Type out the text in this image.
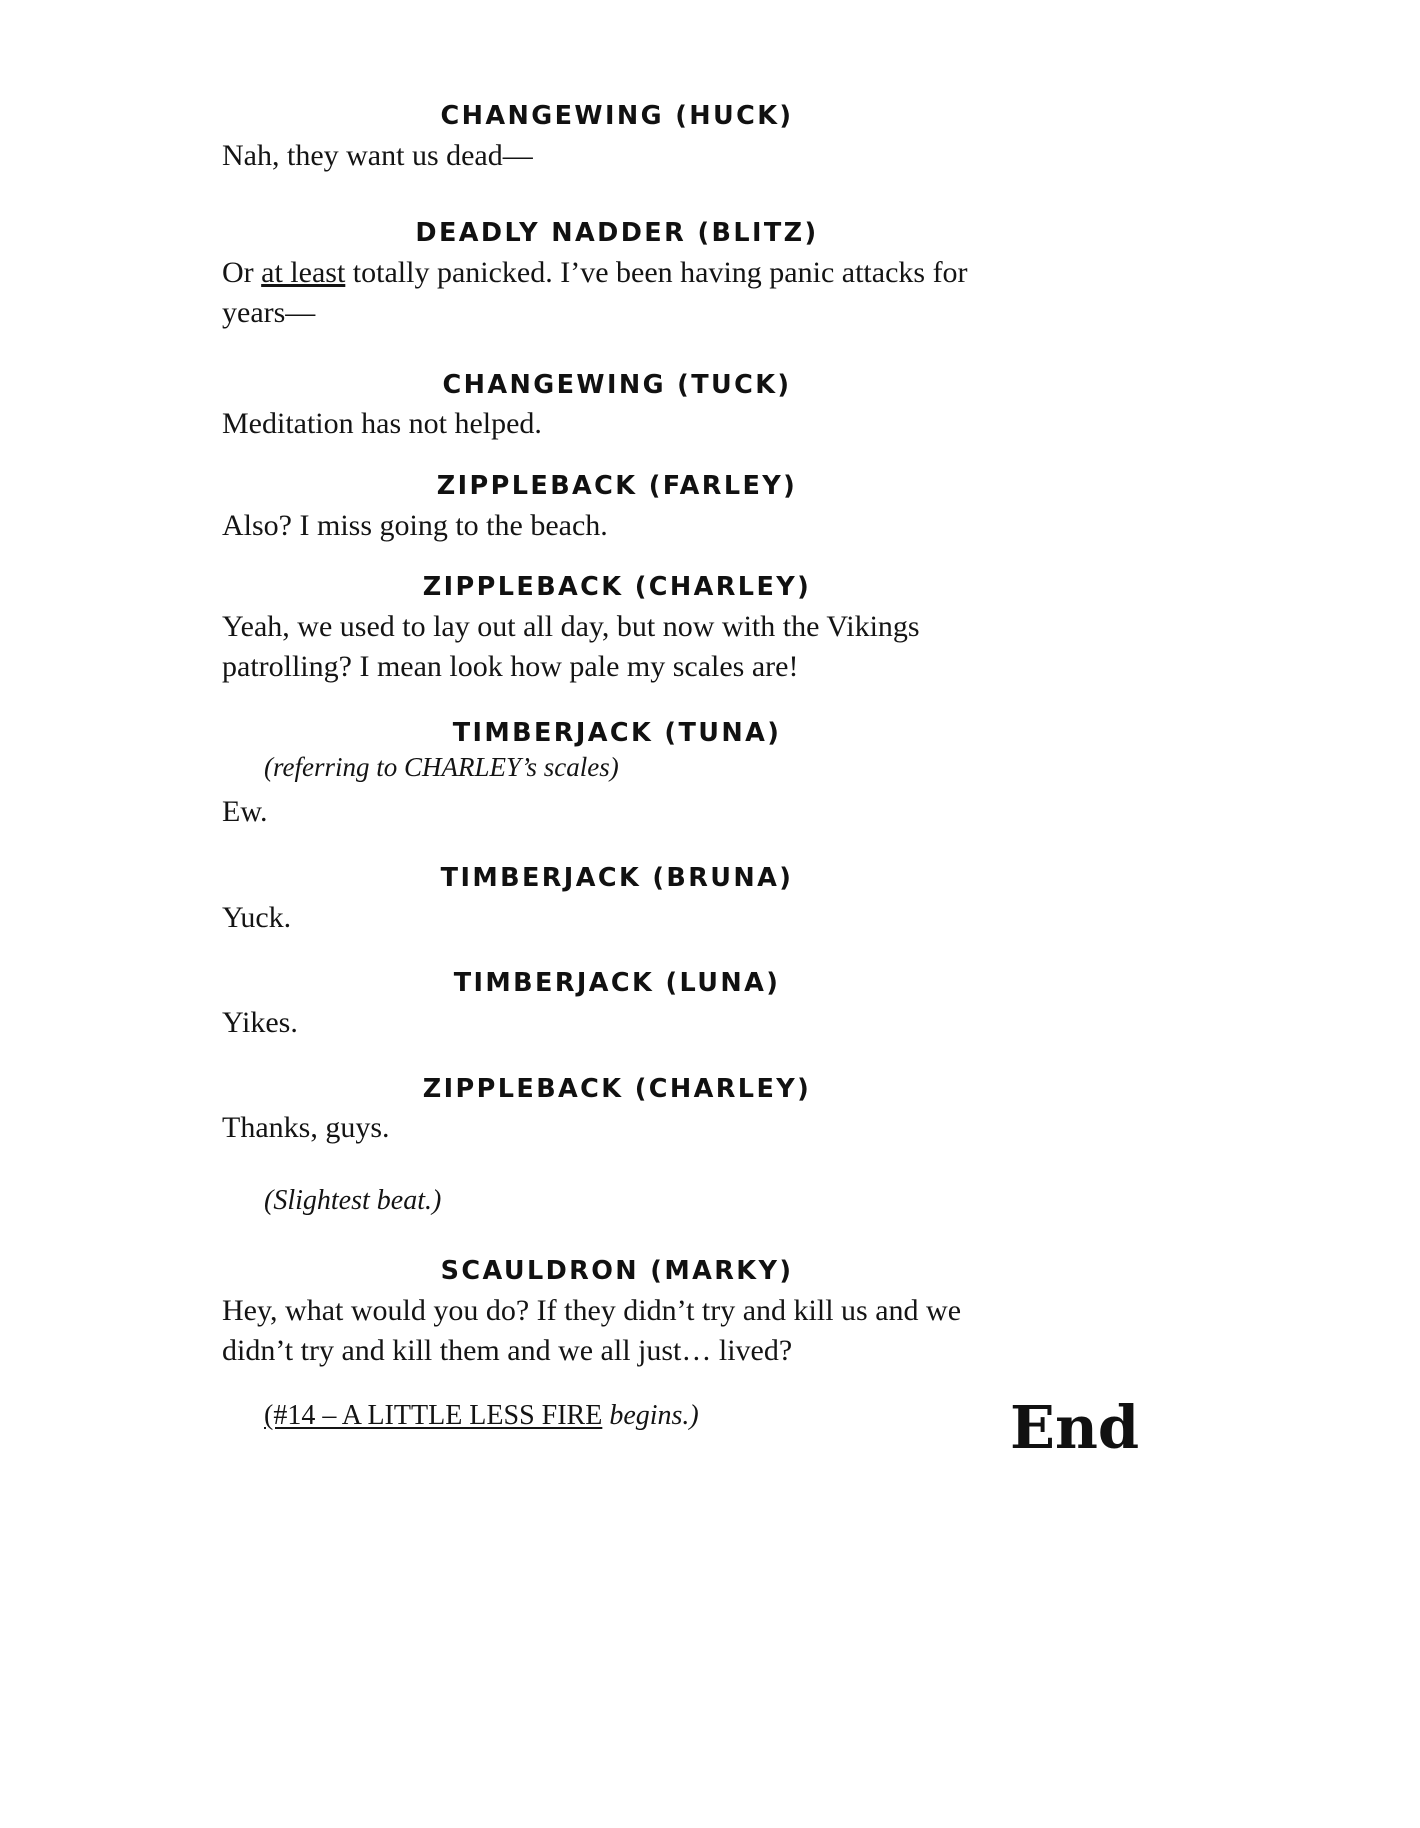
CHANGEWING (HUCK)
Nah, they want us dead—
DEADLY NADDER (BLITZ)
Or at least totally panicked. I’ve been having panic attacks for years—
CHANGEWING (TUCK)
Meditation has not helped.
ZIPPLEBACK (FARLEY)
Also? I miss going to the beach.
ZIPPLEBACK (CHARLEY)
Yeah, we used to lay out all day, but now with the Vikings patrolling? I mean look how pale my scales are!
TIMBERJACK (TUNA)
(referring to CHARLEY’s scales)
Ew.
TIMBERJACK (BRUNA)
Yuck.
TIMBERJACK (LUNA)
Yikes.
ZIPPLEBACK (CHARLEY)
Thanks, guys.
(Slightest beat.)
SCAULDRON (MARKY)
Hey, what would you do? If they didn’t try and kill us and we didn’t try and kill them and we all just… lived?
(#14 – A LITTLE LESS FIRE begins.)	End
